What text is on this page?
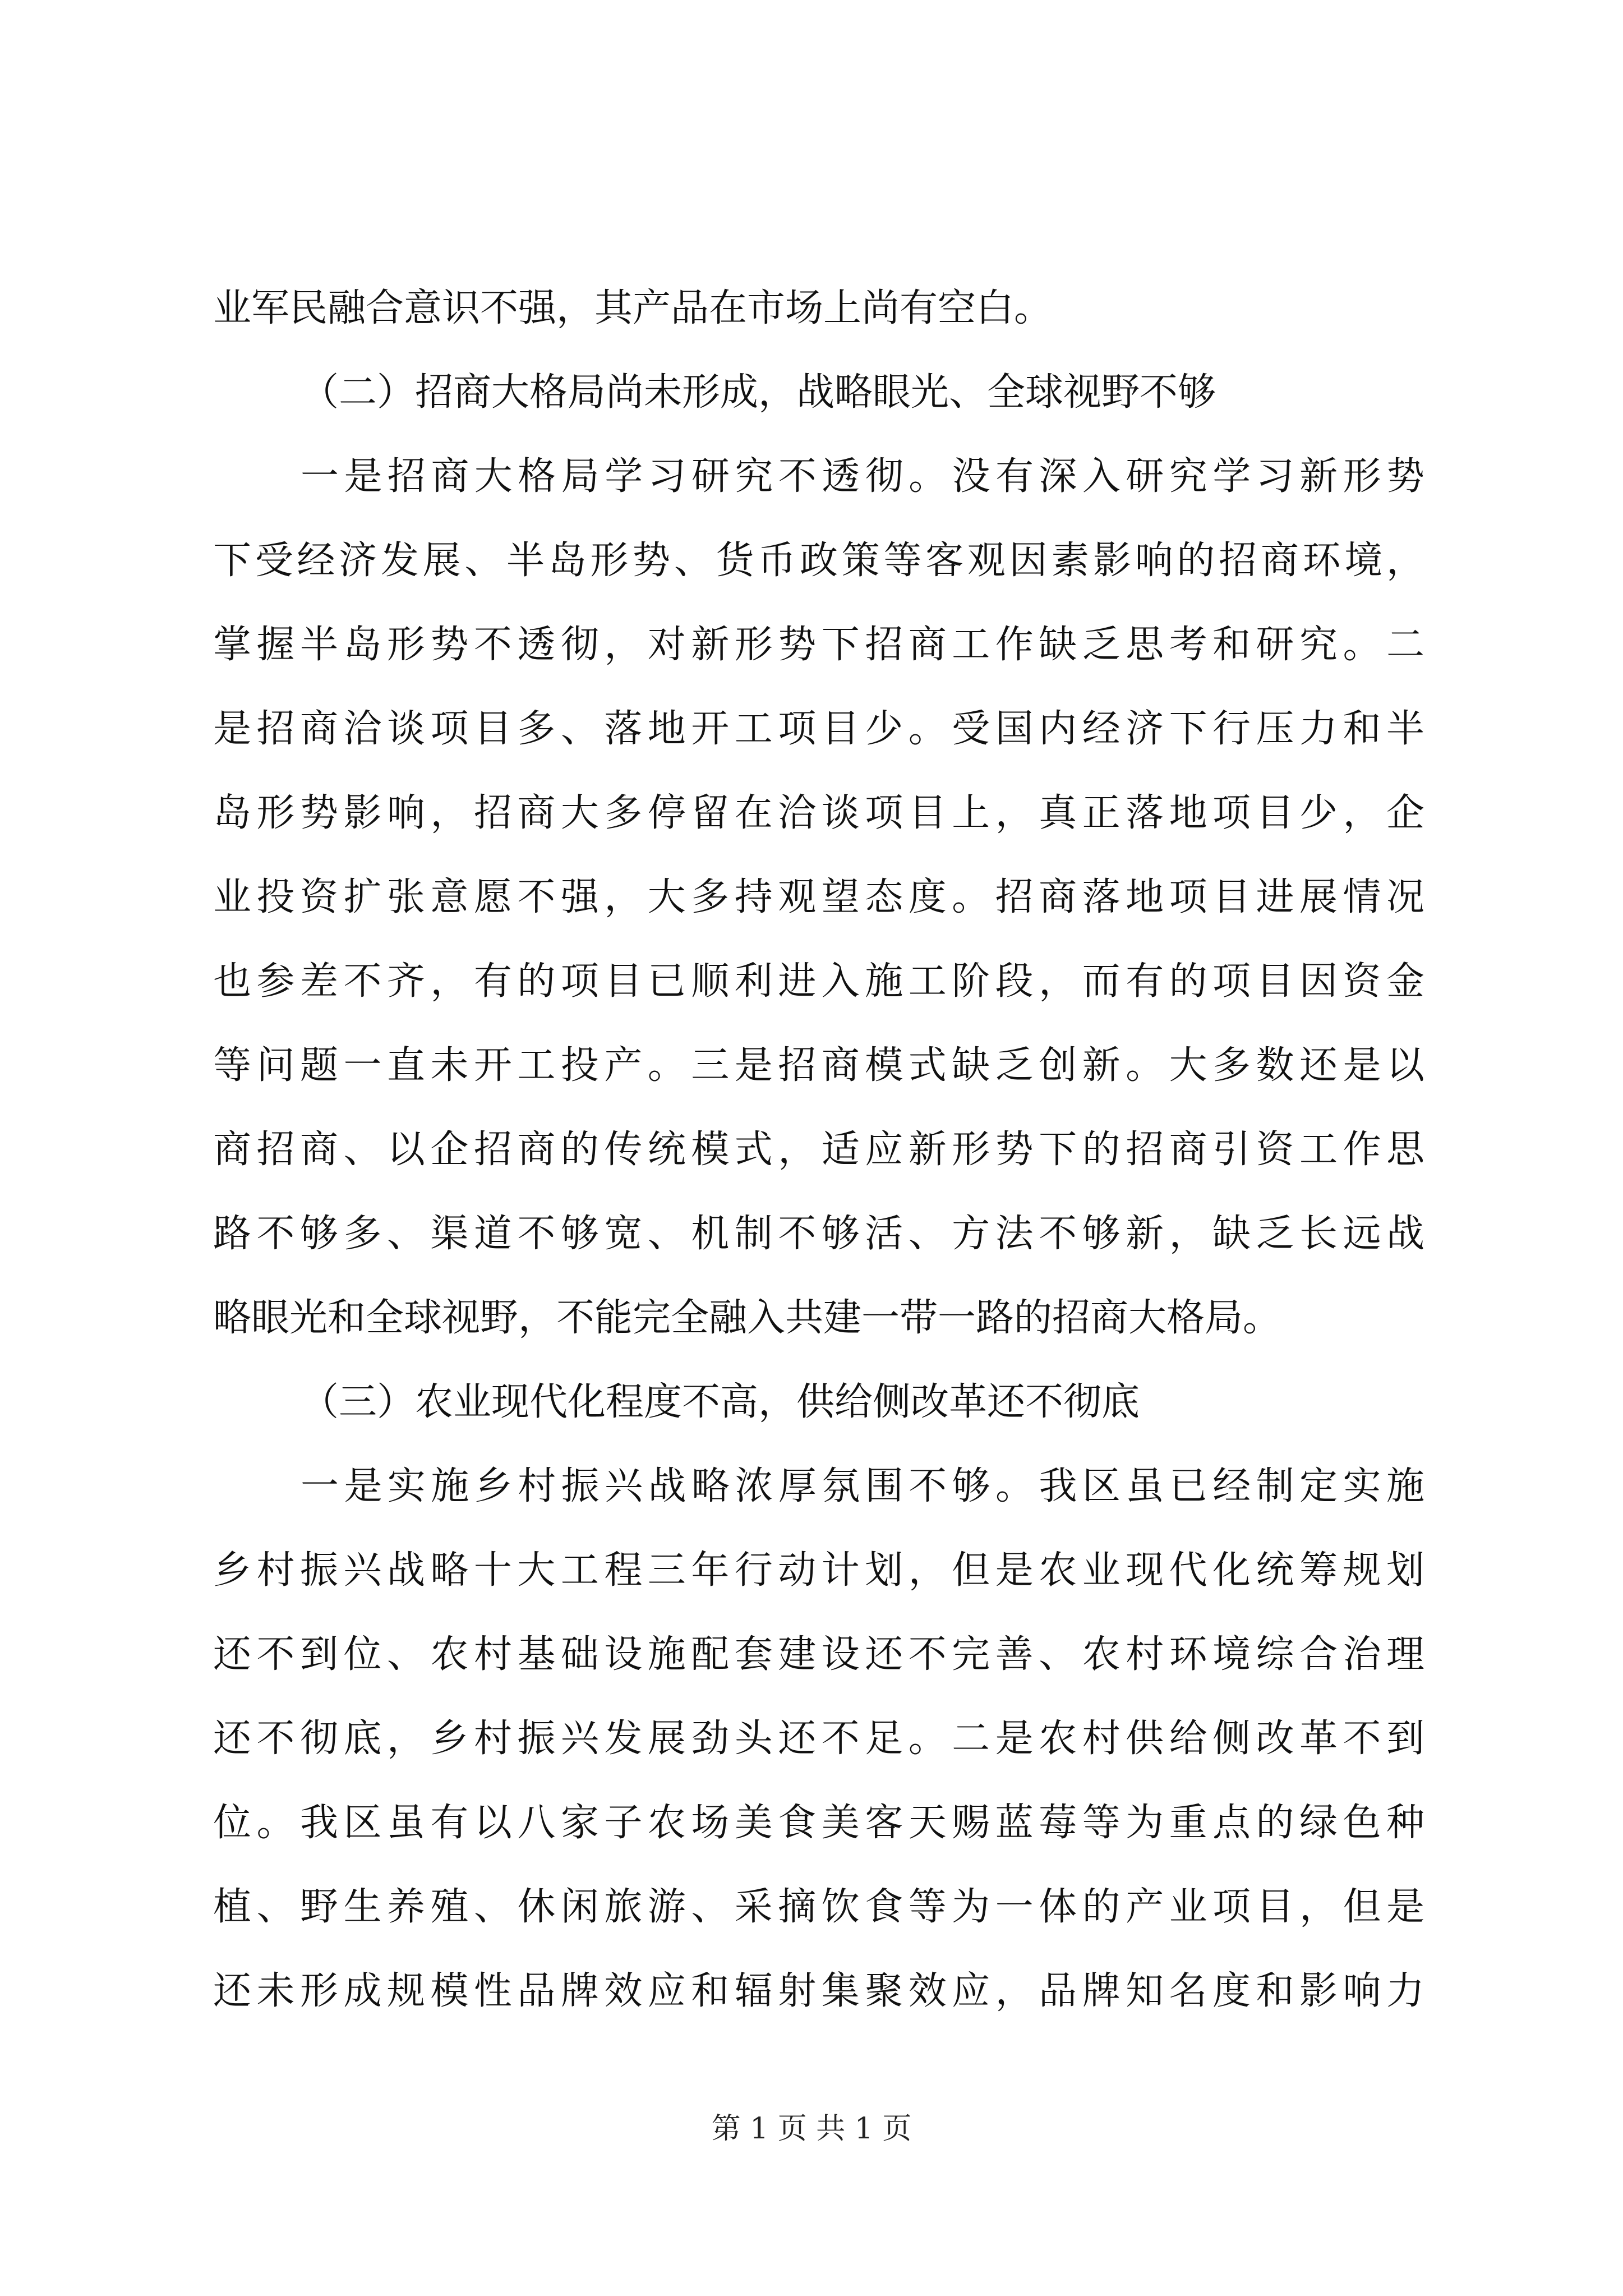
业军民融合意识不强，其产品在市场上尚有空白。
（二）招商大格局尚未形成，战略眼光、全球视野不够
一是招商大格局学习研究不透彻。没有深入研究学习新形势
下受经济发展、半岛形势、货币政策等客观因素影响的招商环境，
掌握半岛形势不透彻，对新形势下招商工作缺乏思考和研究。二
是招商洽谈项目多、落地开工项目少。受国内经济下行压力和半
岛形势影响，招商大多停留在洽谈项目上，真正落地项目少，企
业投资扩张意愿不强，大多持观望态度。招商落地项目进展情况
也参差不齐，有的项目已顺利进入施工阶段，而有的项目因资金
等问题一直未开工投产。三是招商模式缺乏创新。大多数还是以
商招商、以企招商的传统模式，适应新形势下的招商引资工作思
路不够多、渠道不够宽、机制不够活、方法不够新，缺乏长远战
略眼光和全球视野，不能完全融入共建一带一路的招商大格局。
（三）农业现代化程度不高，供给侧改革还不彻底
一是实施乡村振兴战略浓厚氛围不够。我区虽已经制定实施
乡村振兴战略十大工程三年行动计划，但是农业现代化统筹规划
还不到位、农村基础设施配套建设还不完善、农村环境综合治理
还不彻底，乡村振兴发展劲头还不足。二是农村供给侧改革不到
位。我区虽有以八家子农场美食美客天赐蓝莓等为重点的绿色种
植、野生养殖、休闲旅游、采摘饮食等为一体的产业项目，但是
还未形成规模性品牌效应和辐射集聚效应，品牌知名度和影响力
第 1 页 共 1 页
